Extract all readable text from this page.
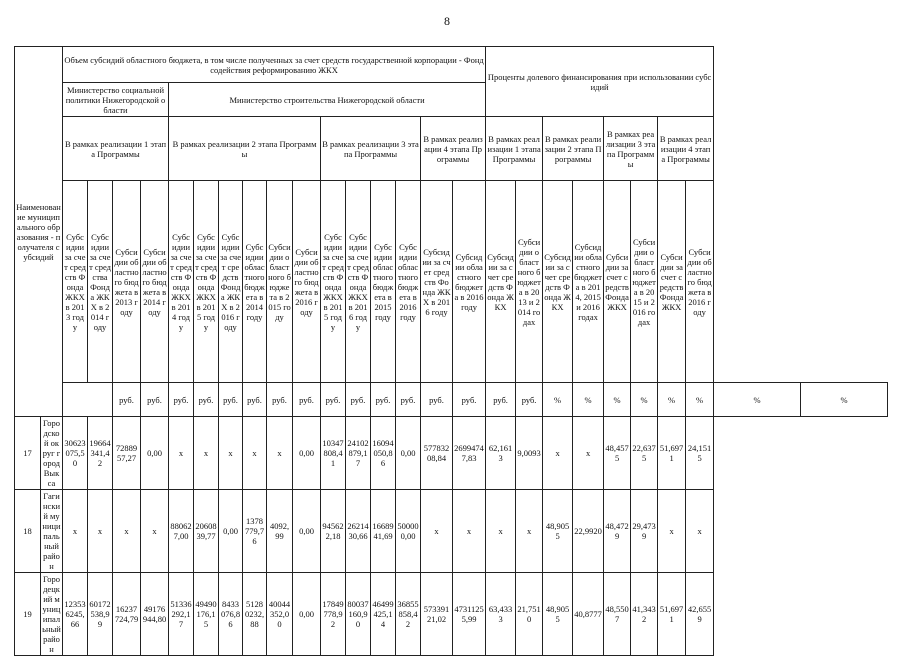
8
Наименование муниципального образования - получателя субсидий		Объем субсидий областного бюджета, в том числе полученных за счет средств государственной корпорации - Фонд содействия реформированию ЖКХ																Проценты долевого финансирования при использовании субсидий									
		Министерство социальной политики Нижегородской области				Министерство строительства Нижегородской области																					
		В рамках реализации 1 этапа Программы				В рамках реализации 2 этапа Программы						В рамках реализации 3 этапа Программы				В рамках реализации 4 этапа Программы		В рамках реализации 1 этапа Программы		В рамках реализации 2 этапа Программы		В рамках реализации 3 этапа Программы		В рамках реализации 4 этапа Программы			
		Субсидии за счет средств Фонда ЖКХ в 2013 году	Субсидии за счет средства Фонда ЖКХ в 2014 году	Субсидии областного бюджета в 2013 году	Субсидии областного бюджета в 2014 году	Субсидии за счет средств Фонда ЖКХ в 2014 году	Субсидии за счет средств Фонда ЖКХ в 2015 году	Субсидии за счет средств Фонда ЖКХ в 2016 году	Субсидии областного бюджета в 2014 году	Субсидии областного бюджета в 2015 году	Субсидии областного бюджета в 2016 году	Субсидии за счет средств Фонда ЖКХ в 2015 году	Субсидии за счет средств Фонда ЖКХ в 2016 году	Субсидии областного бюджета в 2015 году	Субсидии областного бюджета в 2016 году	Субсидии за счет средств Фонда ЖКХ в 2016 году	Субсидии областного бюджета в 2016 году	Субсидии за счет средств Фонда ЖКХ	Субсидии областного бюджета в 2013 и 2014 годах	Субсидии за счет средств Фонда ЖКХ	Субсидии областного бюджета в 2014, 2015 и 2016 годах	Субсидии за счет средств Фонда ЖКХ	Субсидии областного бюджета в 2015 и 2016 годах	Субсидии за счет средств Фонда ЖКХ	Субсидии областного бюджета в 2016 году		
				руб.	руб.	руб.	руб.	руб.	руб.	руб.	руб.	руб.	руб.	руб.	руб.	руб.	руб.	руб.	руб.	%	%	%	%	%	%	%	%
17	Городской округ город Выкса	30623075,50	19664341,42	7288957,27	0,00	x	x	x	x	x	0,00	10347808,41	24102879,17	16094050,86	0,00	57783208,84	26994747,83	62,1613	9,0093	x	x	48,4575	22,6375	51,6971	24,1515		
18	Гагинский муниципальный район	x	x	x	x	880627,00	2060839,77	0,00	1378779,76	4092,99	0,00	945622,18	2621430,66	1668941,69	500000,00	x	x	x	x	48,9055	22,9920	48,4729	29,4739	x	x		
19	Городецкий муниципальный район	123536245,66	60172538,99	16237724,79	49176944,80	51336292,17	49490176,15	8433076,86	51280232,88	40044352,00	0,00	17849778,92	80037160,90	46499425,14	36855858,42	57339121,02	47311255,99	63,4333	21,7510	48,9055	40,8777	48,5507	41,3432	51,6971	42,6559		
